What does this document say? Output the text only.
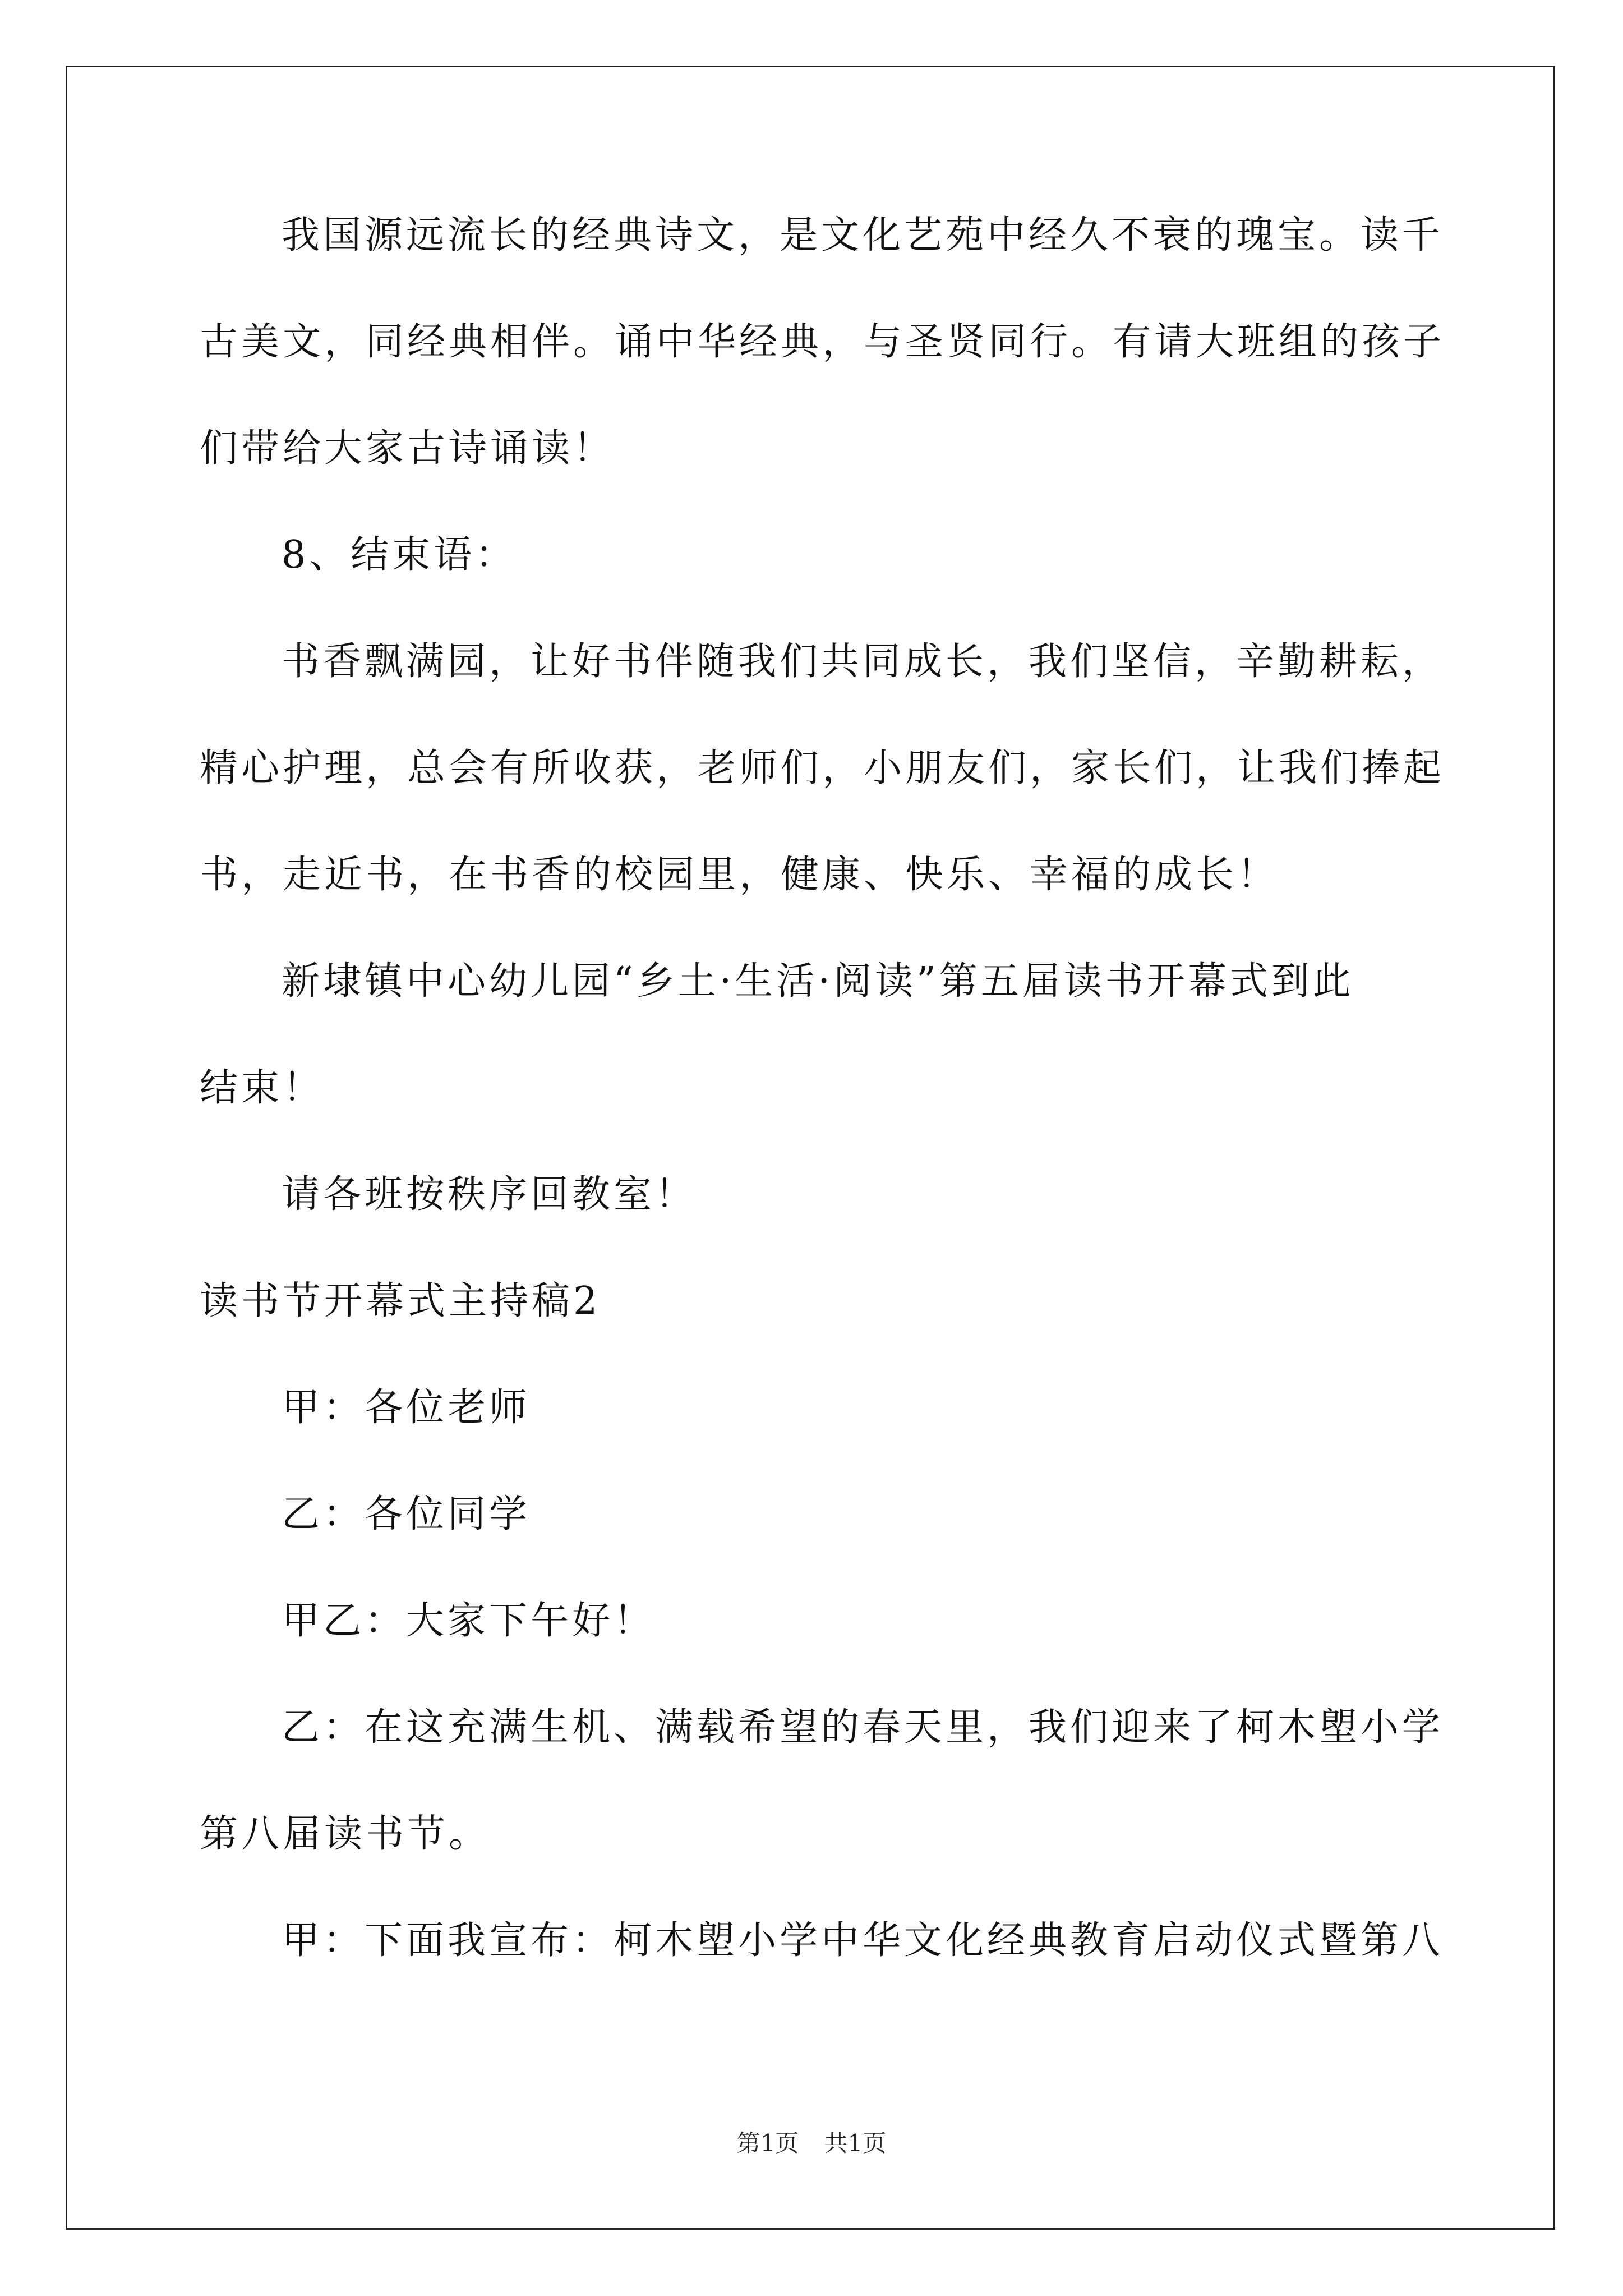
我国源远流长的经典诗文，是文化艺苑中经久不衰的瑰宝。读千
古美文，同经典相伴。诵中华经典，与圣贤同行。有请大班组的孩子
们带给大家古诗诵读！
8、结束语：
书香飘满园，让好书伴随我们共同成长，我们坚信，辛勤耕耘，
精心护理，总会有所收获，老师们，小朋友们，家长们，让我们捧起
书，走近书，在书香的校园里，健康、快乐、幸福的成长！
新埭镇中心幼儿园“乡土·生活·阅读”第五届读书开幕式到此
结束！
请各班按秩序回教室！
读书节开幕式主持稿2
甲：各位老师
乙：各位同学
甲乙：大家下午好！
乙：在这充满生机、满载希望的春天里，我们迎来了柯木塱小学
第八届读书节。
甲：下面我宣布：柯木塱小学中华文化经典教育启动仪式暨第八
第1页 共1页
